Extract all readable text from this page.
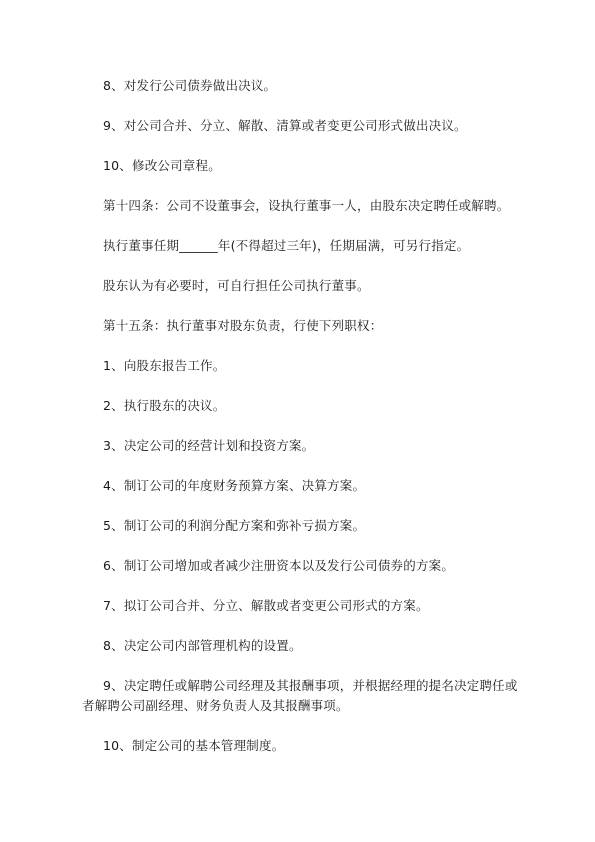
8、对发行公司债券做出决议。
9、对公司合并、分立、解散、清算或者变更公司形式做出决议。
10、修改公司章程。
第十四条：公司不设董事会，设执行董事一人，由股东决定聘任或解聘。
执行董事任期______年(不得超过三年)，任期届满，可另行指定。
股东认为有必要时，可自行担任公司执行董事。
第十五条：执行董事对股东负责，行使下列职权：
1、向股东报告工作。
2、执行股东的决议。
3、决定公司的经营计划和投资方案。
4、制订公司的年度财务预算方案、决算方案。
5、制订公司的利润分配方案和弥补亏损方案。
6、制订公司增加或者减少注册资本以及发行公司债券的方案。
7、拟订公司合并、分立、解散或者变更公司形式的方案。
8、决定公司内部管理机构的设置。
9、决定聘任或解聘公司经理及其报酬事项，并根据经理的提名决定聘任或者解聘公司副经理、财务负责人及其报酬事项。
10、制定公司的基本管理制度。
